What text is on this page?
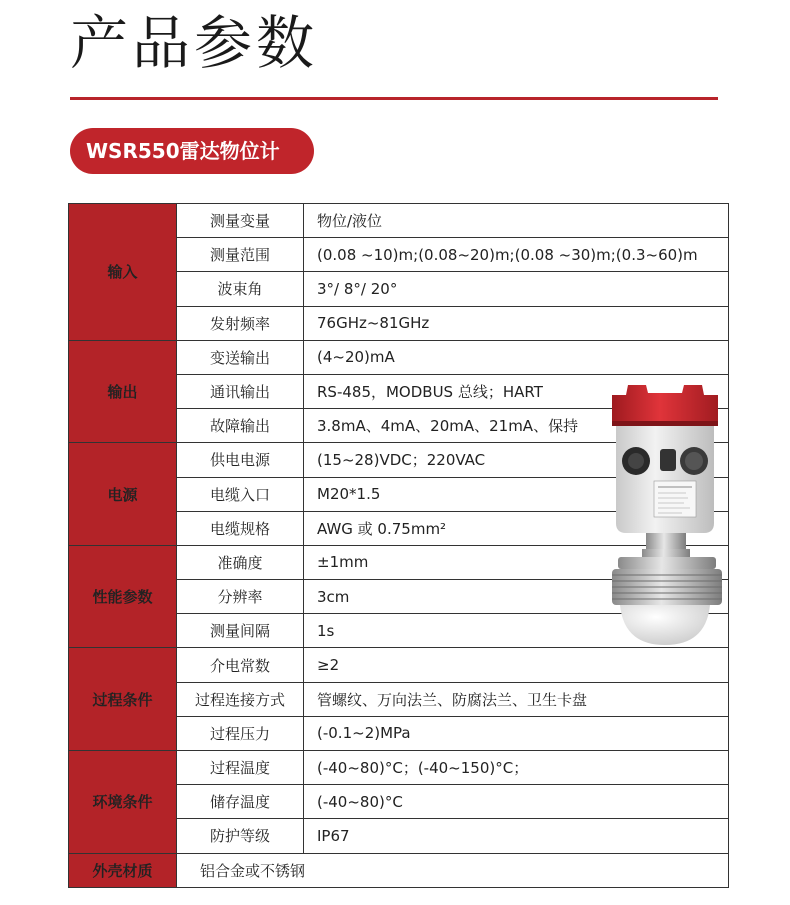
产品参数
WSR550雷达物位计
输入	测量变量	物位/液位
	测量范围	(0.08 ~10)m;(0.08~20)m;(0.08 ~30)m;(0.3~60)m
	波束角	3°/ 8°/ 20°
	发射频率	76GHz~81GHz
输出	变送输出	(4~20)mA
	通讯输出	RS-485，MODBUS 总线；HART
	故障输出	3.8mA、4mA、20mA、21mA、保持
电源	供电电源	(15~28)VDC；220VAC
	电缆入口	M20*1.5
	电缆规格	AWG 或 0.75mm²
性能参数	准确度	±1mm
	分辨率	3cm
	测量间隔	1s
过程条件	介电常数	≥2
	过程连接方式	管螺纹、万向法兰、防腐法兰、卫生卡盘
	过程压力	(-0.1~2)MPa
环境条件	过程温度	(-40~80)°C；(-40~150)°C；
	储存温度	(-40~80)°C
	防护等级	IP67
外壳材质	铝合金或不锈钢	
